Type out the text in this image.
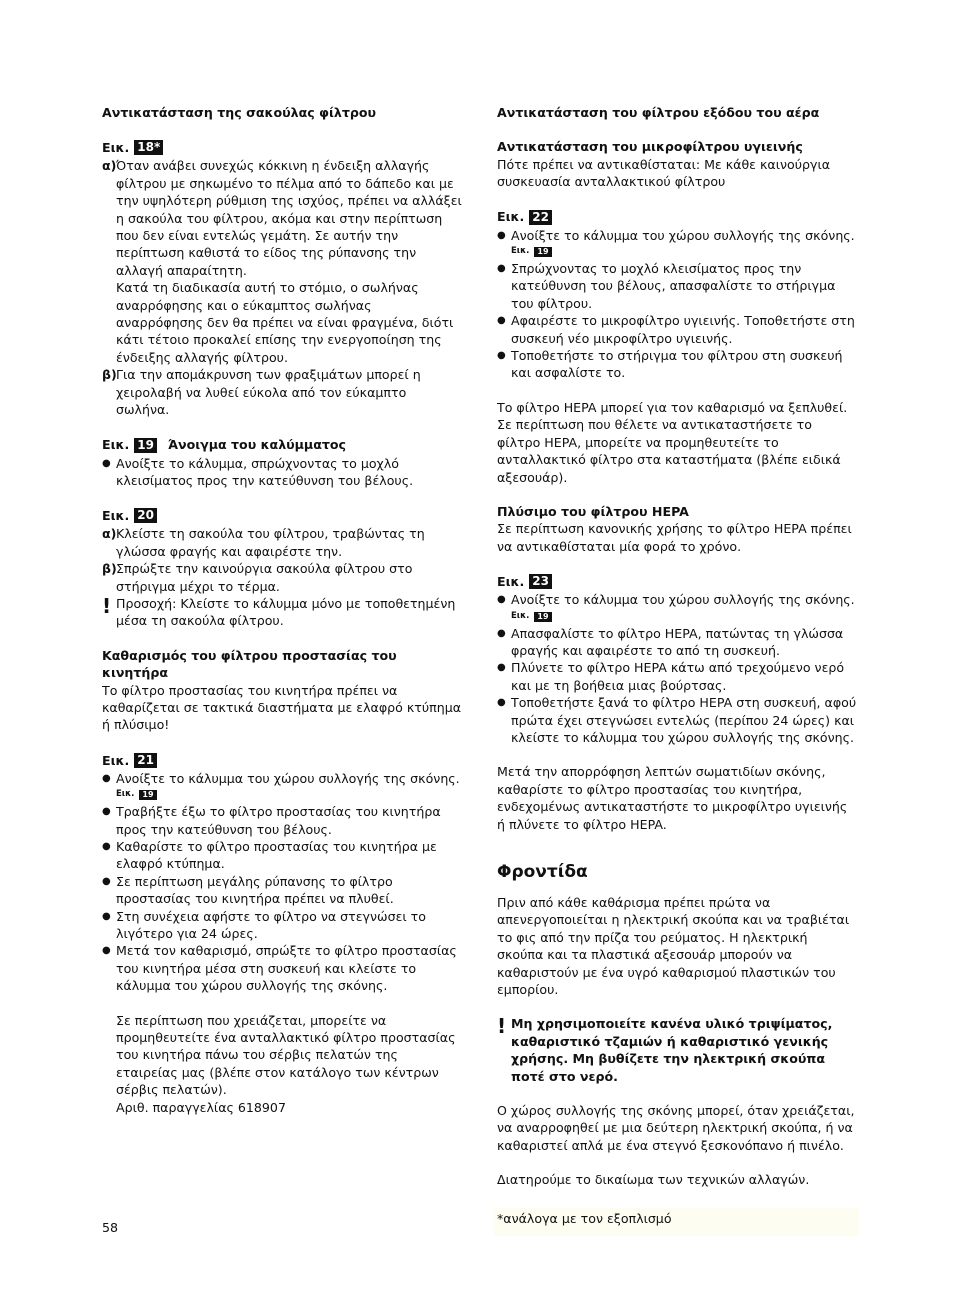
Αντικατάσταση της σακούλας φίλτρου
Εικ. 18*
α) Όταν ανάβει συνεχώς κόκκινη η ένδειξη αλλαγής φίλτρου με σηκωμένο το πέλμα από το δάπεδο και με την υψηλότερη ρύθμιση της ισχύος, πρέπει να αλλάξει η σακούλα του φίλτρου, ακόμα και στην περίπτωση που δεν είναι εντελώς γεμάτη. Σε αυτήν την περίπτωση καθιστά το είδος της ρύπανσης την αλλαγή απαραίτητη.
Κατά τη διαδικασία αυτή το στόμιο, ο σωλήνας αναρρόφησης και ο εύκαμπτος σωλήνας αναρρόφησης δεν θα πρέπει να είναι φραγμένα, διότι κάτι τέτοιο προκαλεί επίσης την ενεργοποίηση της ένδειξης αλλαγής φίλτρου.
β) Για την απομάκρυνση των φραξιμάτων μπορεί η χειρολαβή να λυθεί εύκολα από τον εύκαμπτο σωλήνα.
Εικ. 19 Άνοιγμα του καλύμματος
● Ανοίξτε το κάλυμμα, σπρώχνοντας το μοχλό κλεισίματος προς την κατεύθυνση του βέλους.
Εικ. 20
α) Κλείστε τη σακούλα του φίλτρου, τραβώντας τη γλώσσα φραγής και αφαιρέστε την.
β) Σπρώξτε την καινούργια σακούλα φίλτρου στο στήριγμα μέχρι το τέρμα.
! Προσοχή: Κλείστε το κάλυμμα μόνο με τοποθετημένη μέσα τη σακούλα φίλτρου.
Καθαρισμός του φίλτρου προστασίας του κινητήρα
Το φίλτρο προστασίας του κινητήρα πρέπει να καθαρίζεται σε τακτικά διαστήματα με ελαφρό κτύπημα ή πλύσιμο!
Εικ. 21
● Ανοίξτε το κάλυμμα του χώρου συλλογής της σκόνης.
Εικ.	19
● Τραβήξτε έξω το φίλτρο προστασίας του κινητήρα προς την κατεύθυνση του βέλους.
● Καθαρίστε το φίλτρο προστασίας του κινητήρα με ελαφρό κτύπημα.
● Σε περίπτωση μεγάλης ρύπανσης το φίλτρο προστασίας του κινητήρα πρέπει να πλυθεί.
● Στη συνέχεια αφήστε το φίλτρο να στεγνώσει το λιγότερο για 24 ώρες.
● Μετά τον καθαρισμό, σπρώξτε το φίλτρο προστασίας του κινητήρα μέσα στη συσκευή και κλείστε το κάλυμμα του χώρου συλλογής της σκόνης.
Σε περίπτωση που χρειάζεται, μπορείτε να προμηθευτείτε ένα ανταλλακτικό φίλτρο προστασίας του κινητήρα πάνω του σέρβις πελατών της εταιρείας μας (βλέπε στον κατάλογο των κέντρων σέρβις πελατών).
Αριθ. παραγγελίας 618907
Αντικατάσταση του φίλτρου εξόδου του αέρα
Αντικατάσταση του μικροφίλτρου υγιεινής
Πότε πρέπει να αντικαθίσταται: Με κάθε καινούργια συσκευασία ανταλλακτικού φίλτρου
Εικ. 22
● Ανοίξτε το κάλυμμα του χώρου συλλογής της σκόνης.
Εικ.	19
● Σπρώχνοντας το μοχλό κλεισίματος προς την κατεύθυνση του βέλους, απασφαλίστε το στήριγμα του φίλτρου.
● Αφαιρέστε το μικροφίλτρο υγιεινής. Τοποθετήστε στη συσκευή νέο μικροφίλτρο υγιεινής.
● Τοποθετήστε το στήριγμα του φίλτρου στη συσκευή και ασφαλίστε το.
Το φίλτρο HEPA μπορεί για τον καθαρισμό να ξεπλυθεί. Σε περίπτωση που θέλετε να αντικαταστήσετε το φίλτρο HEPA, μπορείτε να προμηθευτείτε το ανταλλακτικό φίλτρο στα καταστήματα (βλέπε ειδικά αξεσουάρ).
Πλύσιμο του φίλτρου HEPA
Σε περίπτωση κανονικής χρήσης το φίλτρο HEPA πρέπει να αντικαθίσταται μία φορά το χρόνο.
Εικ. 23
● Ανοίξτε το κάλυμμα του χώρου συλλογής της σκόνης.
Εικ.	19
● Απασφαλίστε το φίλτρο HEPA, πατώντας τη γλώσσα φραγής και αφαιρέστε το από τη συσκευή.
● Πλύνετε το φίλτρο HEPA κάτω από τρεχούμενο νερό και με τη βοήθεια μιας βούρτσας.
● Τοποθετήστε ξανά το φίλτρο HEPA στη συσκευή, αφού πρώτα έχει στεγνώσει εντελώς (περίπου 24 ώρες) και κλείστε το κάλυμμα του χώρου συλλογής της σκόνης.
Μετά την απορρόφηση λεπτών σωματιδίων σκόνης, καθαρίστε το φίλτρο προστασίας του κινητήρα, ενδεχομένως αντικαταστήστε το μικροφίλτρο υγιεινής ή πλύνετε το φίλτρο HEPA.
Φροντίδα
Πριν από κάθε καθάρισμα πρέπει πρώτα να απενεργοποιείται η ηλεκτρική σκούπα και να τραβιέται το φις από την πρίζα του ρεύματος. Η ηλεκτρική σκούπα και τα πλαστικά αξεσουάρ μπορούν να καθαριστούν με ένα υγρό καθαρισμού πλαστικών του εμπορίου.
! Μη χρησιμοποιείτε κανένα υλικό τριψίματος, καθαριστικό τζαμιών ή καθαριστικό γενικής χρήσης. Μη βυθίζετε την ηλεκτρική σκούπα ποτέ στο νερό.
Ο χώρος συλλογής της σκόνης μπορεί, όταν χρειάζεται, να αναρροφηθεί με μια δεύτερη ηλεκτρική σκούπα, ή να καθαριστεί απλά με ένα στεγνό ξεσκονόπανο ή πινέλο.
Διατηρούμε το δικαίωμα των τεχνικών αλλαγών.
58
*ανάλογα με τον εξοπλισμό
